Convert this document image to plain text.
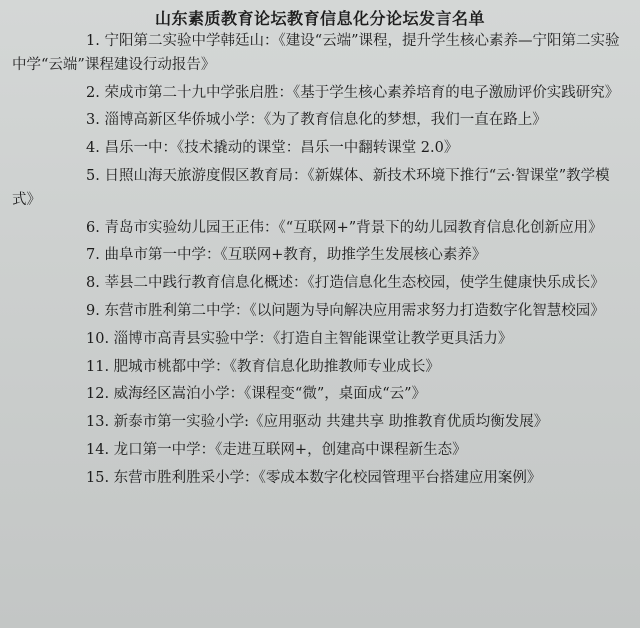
山东素质教育论坛教育信息化分论坛发言名单
1. 宁阳第二实验中学韩廷山：《建设“云端”课程，提升学生核心素养—宁阳第二实验中学“云端”课程建设行动报告》
2. 荣成市第二十九中学张启胜：《基于学生核心素养培育的电子激励评价实践研究》
3. 淄博高新区华侨城小学：《为了教育信息化的梦想，我们一直在路上》
4. 昌乐一中：《技术撬动的课堂：昌乐一中翻转课堂 2.0》
5. 日照山海天旅游度假区教育局：《新媒体、新技术环境下推行“云·智课堂”教学模式》
6. 青岛市实验幼儿园王正伟：《“互联网+”背景下的幼儿园教育信息化创新应用》
7. 曲阜市第一中学：《互联网+教育，助推学生发展核心素养》
8. 莘县二中践行教育信息化概述：《打造信息化生态校园，使学生健康快乐成长》
9. 东营市胜利第二中学：《以问题为导向解决应用需求努力打造数字化智慧校园》
10. 淄博市高青县实验中学：《打造自主智能课堂让教学更具活力》
11. 肥城市桃都中学：《教育信息化助推教师专业成长》
12. 威海经区嵩泊小学：《课程变“微”，桌面成“云”》
13. 新泰市第一实验小学:《应用驱动 共建共享 助推教育优质均衡发展》
14. 龙口第一中学：《走进互联网+，创建高中课程新生态》
15. 东营市胜利胜采小学：《零成本数字化校园管理平台搭建应用案例》
